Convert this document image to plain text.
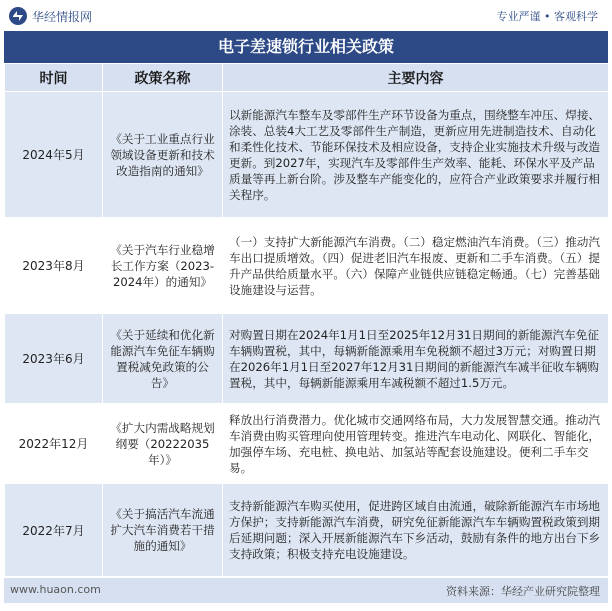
华经情报网	专业严谨 • 客观科学
电子差速锁行业相关政策
时间	政策名称	主要内容
2024年5月	《关于工业重点行业领域设备更新和技术改造指南的通知》	以新能源汽车整车及零部件生产环节设备为重点，围绕整车冲压、焊接、涂装、总装4大工艺及零部件生产制造，更新应用先进制造技术、自动化和柔性化技术、节能环保技术及相应设备，支持企业实施技术升级与改造更新。到2027年，实现汽车及零部件生产效率、能耗、环保水平及产品质量等再上新台阶。涉及整车产能变化的，应符合产业政策要求并履行相关程序。
2023年8月	《关于汽车行业稳增长工作方案（2023-2024年）的通知》	（一）支持扩大新能源汽车消费。（二）稳定燃油汽车消费。（三）推动汽车出口提质增效。（四）促进老旧汽车报废、更新和二手车消费。（五）提升产品供给质量水平。（六）保障产业链供应链稳定畅通。（七）完善基础设施建设与运营。
2023年6月	《关于延续和优化新能源汽车免征车辆购置税减免政策的公告》	对购置日期在2024年1月1日至2025年12月31日期间的新能源汽车免征车辆购置税，其中，每辆新能源乘用车免税额不超过3万元；对购置日期在2026年1月1日至2027年12月31日期间的新能源汽车减半征收车辆购置税，其中，每辆新能源乘用车减税额不超过1.5万元。
2022年12月	《扩大内需战略规划纲要（20222035年）》	释放出行消费潜力。优化城市交通网络布局，大力发展智慧交通。推动汽车消费由购买管理向使用管理转变。推进汽车电动化、网联化、智能化，加强停车场、充电桩、换电站、加氢站等配套设施建设。便利二手车交易。
2022年7月	《关于搞活汽车流通扩大汽车消费若干措施的通知》	支持新能源汽车购买使用，促进跨区域自由流通，破除新能源汽车市场地方保护；支持新能源汽车消费，研究免征新能源汽车车辆购置税政策到期后延期问题；深入开展新能源汽车下乡活动，鼓励有条件的地方出台下乡支持政策；积极支持充电设施建设。
www.huaon.com	资料来源：华经产业研究院整理
